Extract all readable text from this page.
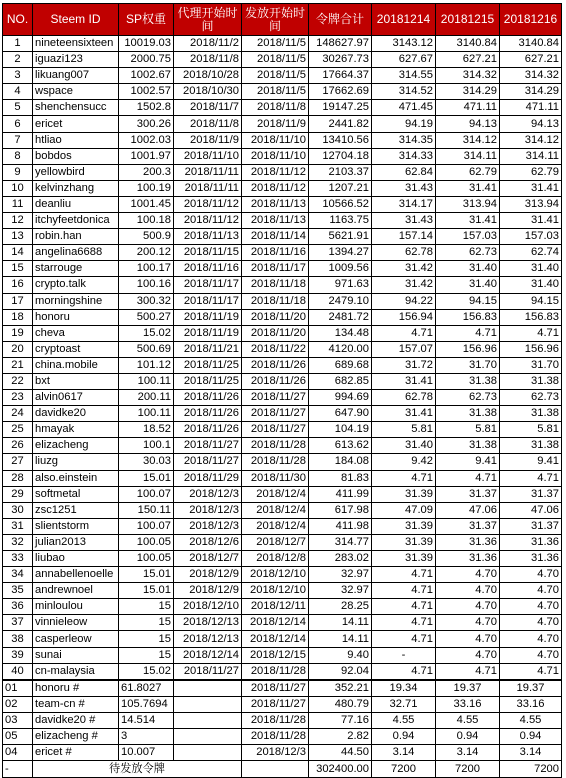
NO.	Steem ID	SP权重	代理开始时间	发放开始时间	令牌合计	20181214	20181215	20181216
1	nineteensixteen	10019.03	2018/11/2	2018/11/5	148627.97	3143.12	3140.84	3140.84
2	iguazi123	2000.75	2018/11/8	2018/11/5	30267.73	627.67	627.21	627.21
3	likuang007	1002.67	2018/10/28	2018/11/5	17664.37	314.55	314.32	314.32
4	wspace	1002.57	2018/10/30	2018/11/5	17662.69	314.52	314.29	314.29
5	shenchensucc	1502.8	2018/11/7	2018/11/8	19147.25	471.45	471.11	471.11
6	ericet	300.26	2018/11/8	2018/11/9	2441.82	94.19	94.13	94.13
7	htliao	1002.03	2018/11/9	2018/11/10	13410.56	314.35	314.12	314.12
8	bobdos	1001.97	2018/11/10	2018/11/10	12704.18	314.33	314.11	314.11
9	yellowbird	200.3	2018/11/11	2018/11/12	2103.37	62.84	62.79	62.79
10	kelvinzhang	100.19	2018/11/11	2018/11/12	1207.21	31.43	31.41	31.41
11	deanliu	1001.45	2018/11/12	2018/11/13	10566.52	314.17	313.94	313.94
12	itchyfeetdonica	100.18	2018/11/12	2018/11/13	1163.75	31.43	31.41	31.41
13	robin.han	500.9	2018/11/13	2018/11/14	5621.91	157.14	157.03	157.03
14	angelina6688	200.12	2018/11/15	2018/11/16	1394.27	62.78	62.73	62.74
15	starrouge	100.17	2018/11/16	2018/11/17	1009.56	31.42	31.40	31.40
16	crypto.talk	100.16	2018/11/17	2018/11/18	971.63	31.42	31.40	31.40
17	morningshine	300.32	2018/11/17	2018/11/18	2479.10	94.22	94.15	94.15
18	honoru	500.27	2018/11/19	2018/11/20	2481.72	156.94	156.83	156.83
19	cheva	15.02	2018/11/19	2018/11/20	134.48	4.71	4.71	4.71
20	cryptoast	500.69	2018/11/21	2018/11/22	4120.00	157.07	156.96	156.96
21	china.mobile	101.12	2018/11/25	2018/11/26	689.68	31.72	31.70	31.70
22	bxt	100.11	2018/11/25	2018/11/26	682.85	31.41	31.38	31.38
23	alvin0617	200.11	2018/11/26	2018/11/27	994.69	62.78	62.73	62.73
24	davidke20	100.11	2018/11/26	2018/11/27	647.90	31.41	31.38	31.38
25	hmayak	18.52	2018/11/26	2018/11/27	104.19	5.81	5.81	5.81
26	elizacheng	100.1	2018/11/27	2018/11/28	613.62	31.40	31.38	31.38
27	liuzg	30.03	2018/11/27	2018/11/28	184.08	9.42	9.41	9.41
28	also.einstein	15.01	2018/11/29	2018/11/30	81.83	4.71	4.71	4.71
29	softmetal	100.07	2018/12/3	2018/12/4	411.99	31.39	31.37	31.37
30	zsc1251	150.11	2018/12/3	2018/12/4	617.98	47.09	47.06	47.06
31	slientstorm	100.07	2018/12/3	2018/12/4	411.98	31.39	31.37	31.37
32	julian2013	100.05	2018/12/6	2018/12/7	314.77	31.39	31.36	31.36
33	liubao	100.05	2018/12/7	2018/12/8	283.02	31.39	31.36	31.36
34	annabellenoelle	15.01	2018/12/9	2018/12/10	32.97	4.71	4.70	4.70
35	andrewnoel	15.01	2018/12/9	2018/12/10	32.97	4.71	4.70	4.70
36	minloulou	15	2018/12/10	2018/12/11	28.25	4.71	4.70	4.70
37	vinnieleow	15	2018/12/13	2018/12/14	14.11	4.71	4.70	4.70
38	casperleow	15	2018/12/13	2018/12/14	14.11	4.71	4.70	4.70
39	sunai	15	2018/12/14	2018/12/15	9.40	-	4.70	4.70
40	cn-malaysia	15.02	2018/11/27	2018/11/28	92.04	4.71	4.71	4.71
01	honoru #	61.8027		2018/11/27	352.21	19.34	19.37	19.37
02	team-cn #	105.7694		2018/11/27	480.79	32.71	33.16	33.16
03	davidke20 #	14.514		2018/11/28	77.16	4.55	4.55	4.55
05	elizacheng #	3		2018/11/28	2.82	0.94	0.94	0.94
04	ericet #	10.007		2018/12/3	44.50	3.14	3.14	3.14
-	待发放令牌				302400.00	7200	7200	7200
